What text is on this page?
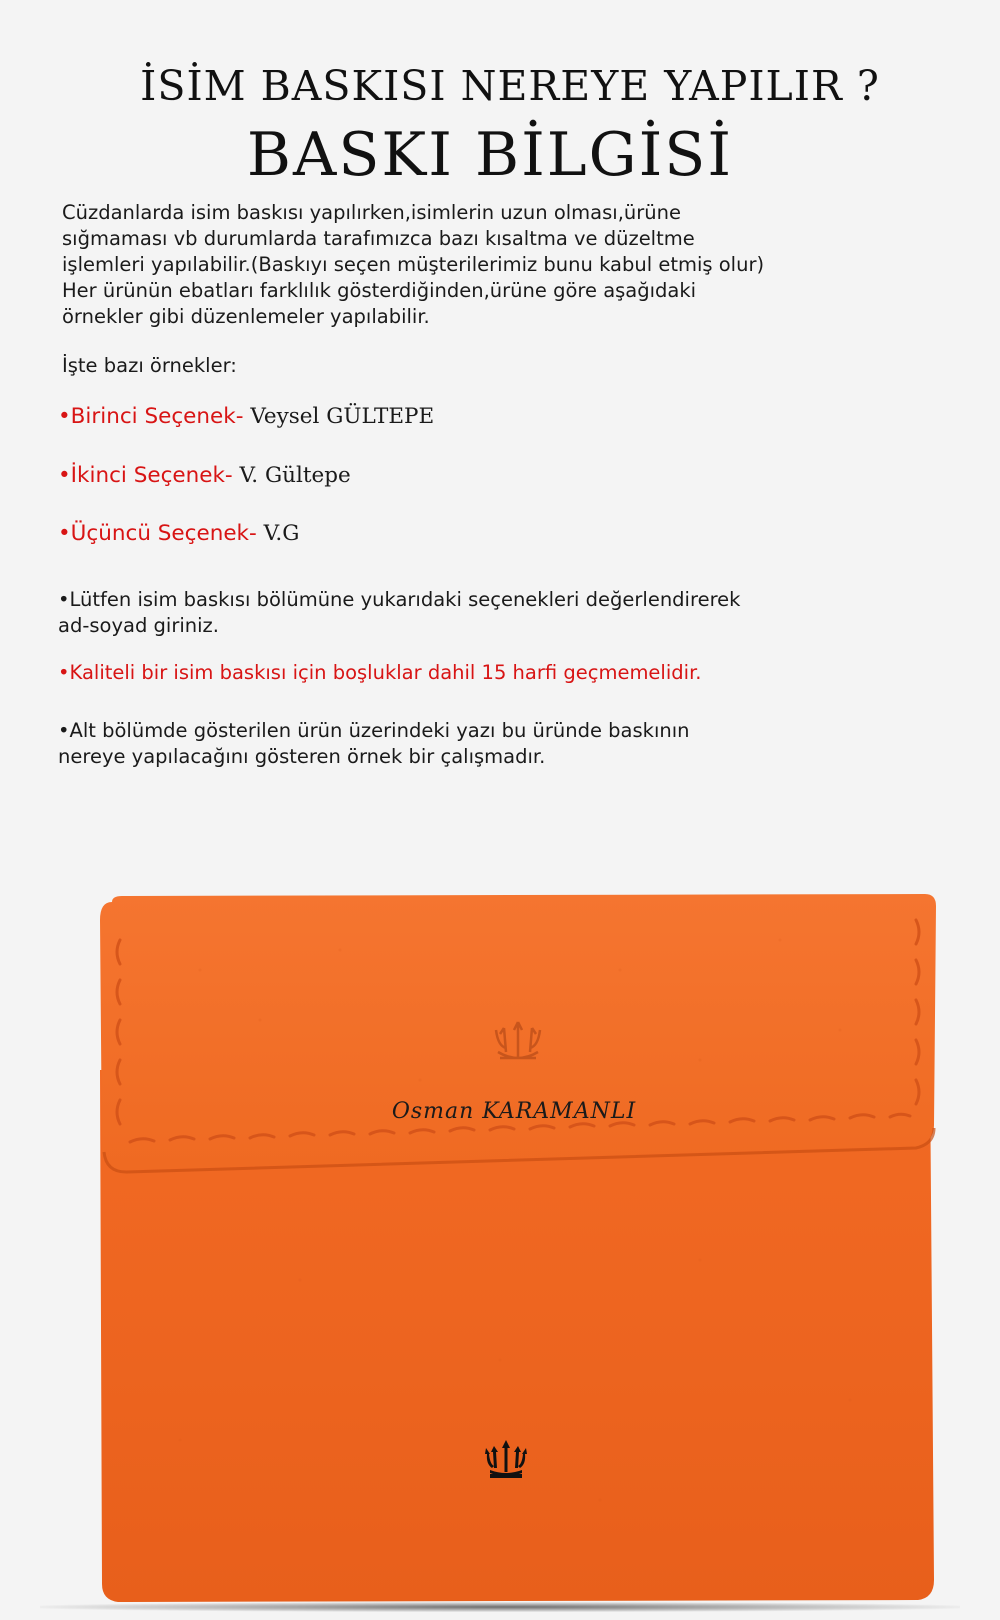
İSİM BASKISI NEREYE YAPILIR ?
BASKI BİLGİSİ

Cüzdanlarda isim baskısı yapılırken,isimlerin uzun olması,ürüne

sığmaması vb durumlarda tarafımızca bazı kısaltma ve düzeltme

işlemleri yapılabilir.(Baskıyı seçen müşterilerimiz bunu kabul etmiş olur)

Her ürünün ebatları farklılık gösterdiğinden,ürüne göre aşağıdaki

örnekler gibi düzenlemeler yapılabilir.

İşte bazı örnekler:
•Birinci Seçenek- Veysel GÜLTEPE
•İkinci Seçenek- V. Gültepe
•Üçüncü Seçenek- V.G

•Lütfen isim baskısı bölümüne yukarıdaki seçenekleri değerlendirerek

ad-soyad giriniz.

•Kaliteli bir isim baskısı için boşluklar dahil 15 harfi geçmemelidir.

•Alt bölümde gösterilen ürün üzerindeki yazı bu üründe baskının

nereye yapılacağını gösteren örnek bir çalışmadır.

Osman KARAMANLI
